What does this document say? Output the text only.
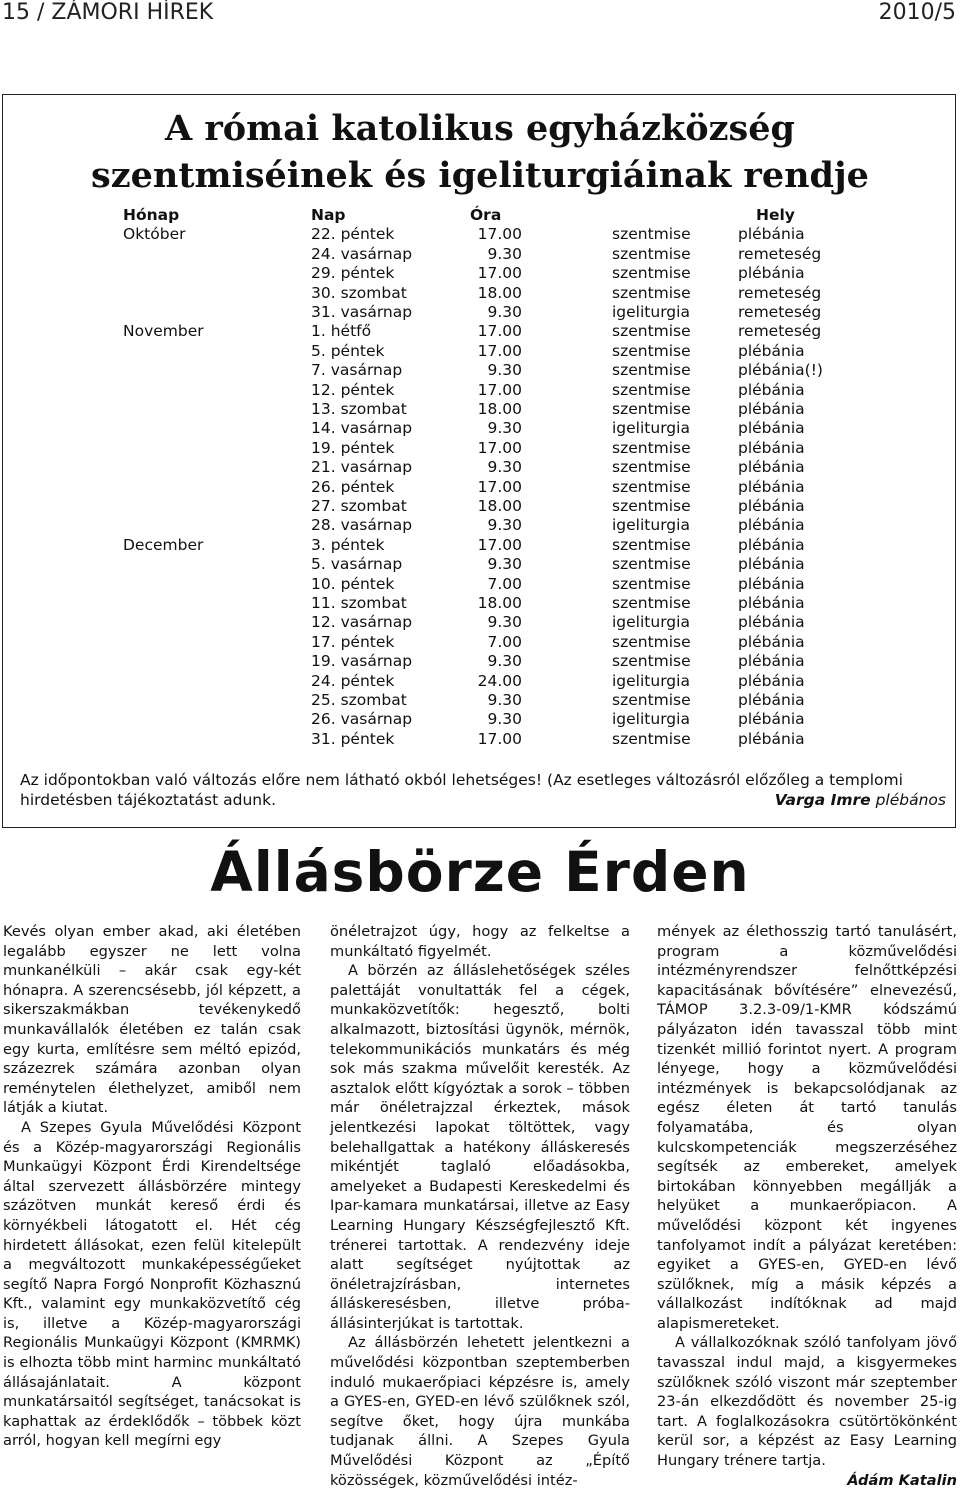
15 / ZÁMORI HÍREK	2010/5
A római katolikus egyházközség
szentmiséinek és igeliturgiáinak rendje
Hónap	Nap	Óra	Hely
Október	22. péntek	17.00	szentmise	plébánia
24. vasárnap	9.30	szentmise	remeteség
29. péntek	17.00	szentmise	plébánia
30. szombat	18.00	szentmise	remeteség
31. vasárnap	9.30	igeliturgia	remeteség
November	1. hétfő	17.00	szentmise	remeteség
5. péntek	17.00	szentmise	plébánia
7. vasárnap	9.30	szentmise	plébánia(!)
12. péntek	17.00	szentmise	plébánia
13. szombat	18.00	szentmise	plébánia
14. vasárnap	9.30	igeliturgia	plébánia
19. péntek	17.00	szentmise	plébánia
21. vasárnap	9.30	szentmise	plébánia
26. péntek	17.00	szentmise	plébánia
27. szombat	18.00	szentmise	plébánia
28. vasárnap	9.30	igeliturgia	plébánia
December	3. péntek	17.00	szentmise	plébánia
5. vasárnap	9.30	szentmise	plébánia
10. péntek	7.00	szentmise	plébánia
11. szombat	18.00	szentmise	plébánia
12. vasárnap	9.30	igeliturgia	plébánia
17. péntek	7.00	szentmise	plébánia
19. vasárnap	9.30	szentmise	plébánia
24. péntek	24.00	igeliturgia	plébánia
25. szombat	9.30	szentmise	plébánia
26. vasárnap	9.30	igeliturgia	plébánia
31. péntek	17.00	szentmise	plébánia
Az időpontokban való változás előre nem látható okból lehetséges! (Az esetleges változásról előzőleg a templomi hirdetésben tájékoztatást adunk.	Varga Imre plébános
Állásbörze Érden

Kevés olyan ember akad, aki életében legalább egyszer ne lett volna munkanélküli – akár csak egy-két hónapra. A szerencsésebb, jól képzett, a sikerszakmákban tevékenykedő munkavállalók életében ez talán csak egy kurta, említésre sem méltó epizód, százezrek számára azonban olyan reménytelen élethelyzet, amiből nem látják a kiutat.

A Szepes Gyula Művelődési Központ és a Közép-magyarországi Regionális Munkaügyi Központ Érdi Kirendeltsége által szervezett állásbörzére mintegy százötven munkát kereső érdi és környékbeli látogatott el. Hét cég hirdetett állásokat, ezen felül kitelepült a megváltozott munkaképességűeket segítő Napra Forgó Nonprofit Közhasznú Kft., valamint egy munkaközvetítő cég is, illetve a Közép-magyarországi Regionális Munkaügyi Központ (KMRMK) is elhozta több mint harminc munkáltató állásajánlatait. A központ munkatársaitól segítséget, tanácsokat is kaphattak az érdeklődők – többek közt arról, hogyan kell megírni egy

önéletrajzot úgy, hogy az felkeltse a munkáltató figyelmét.

A börzén az álláslehetőségek széles palettáját vonultatták fel a cégek, munkaközvetítők: hegesztő, bolti alkalmazott, biztosítási ügynök, mérnök, telekommunikációs munkatárs és még sok más szakma művelőit keresték. Az asztalok előtt kígyóztak a sorok – többen már önéletrajzzal érkeztek, mások jelentkezési lapokat töltöttek, vagy belehallgattak a hatékony álláskeresés mikéntjét taglaló előadásokba, amelyeket a Budapesti Kereskedelmi és Ipar-kamara munkatársai, illetve az Easy Learning Hungary Készségfejlesztő Kft. trénerei tartottak. A rendezvény ideje alatt segítséget nyújtottak az önéletrajzírásban, internetes álláskeresésben, illetve próba-állásinterjúkat is tartottak.

Az állásbörzén lehetett jelentkezni a művelődési központban szeptemberben induló mukaerőpiaci képzésre is, amely a GYES-en, GYED-en lévő szülőknek szól, segítve őket, hogy újra munkába tudjanak állni. A Szepes Gyula Művelődési Központ az „Építő közösségek, közművelődési intéz-

mények az élethosszig tartó tanulásért, program a közművelődési intézményrendszer felnőttképzési kapacitásának bővítésére” elnevezésű, TÁMOP 3.2.3-09/1-KMR kódszámú pályázaton idén tavasszal több mint tizenkét millió forintot nyert. A program lényege, hogy a közművelődési intézmények is bekapcsolódjanak az egész életen át tartó tanulás folyamatába, és olyan kulcskompetenciák megszerzéséhez segítsék az embereket, amelyek birtokában könnyebben megállják a helyüket a munkaerőpiacon. A művelődési központ két ingyenes tanfolyamot indít a pályázat keretében: egyiket a GYES-en, GYED-en lévő szülőknek, míg a másik képzés a vállalkozást indítóknak ad majd alapismereteket.

A vállalkozóknak szóló tanfolyam jövő tavasszal indul majd, a kisgyermekes szülőknek szóló viszont már szeptember 23-án elkezdődött és november 25-ig tart. A foglalkozásokra csütörtökönként kerül sor, a képzést az Easy Learning Hungary trénere tartja.

Ádám Katalin
